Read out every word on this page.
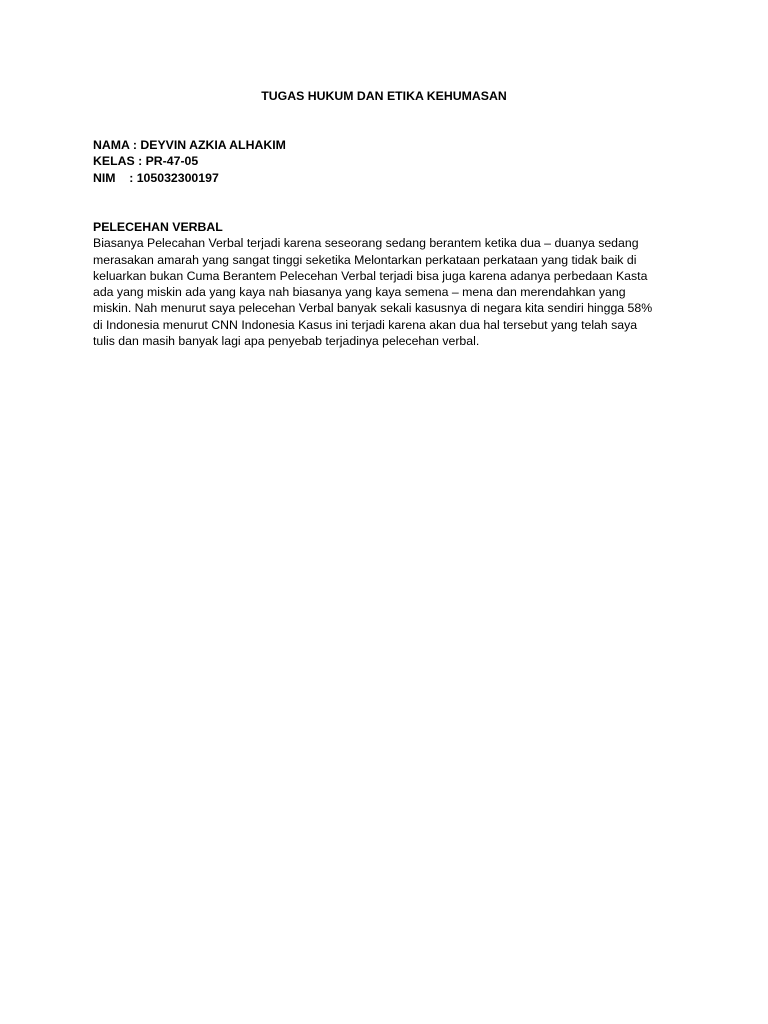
TUGAS HUKUM DAN ETIKA KEHUMASAN
NAMA : DEYVIN AZKIA ALHAKIM
KELAS : PR-47-05
NIM    : 105032300197
PELECEHAN VERBAL
Biasanya Pelecahan Verbal terjadi karena seseorang sedang berantem ketika dua – duanya sedang
merasakan amarah yang sangat tinggi seketika Melontarkan perkataan perkataan yang tidak baik di
keluarkan bukan Cuma Berantem Pelecehan Verbal terjadi bisa juga karena adanya perbedaan Kasta
ada yang miskin ada yang kaya nah biasanya yang kaya semena – mena dan merendahkan yang
miskin. Nah menurut saya pelecehan Verbal banyak sekali kasusnya di negara kita sendiri hingga 58%
di Indonesia menurut CNN Indonesia Kasus ini terjadi karena akan dua hal tersebut yang telah saya
tulis dan masih banyak lagi apa penyebab terjadinya pelecehan verbal.
